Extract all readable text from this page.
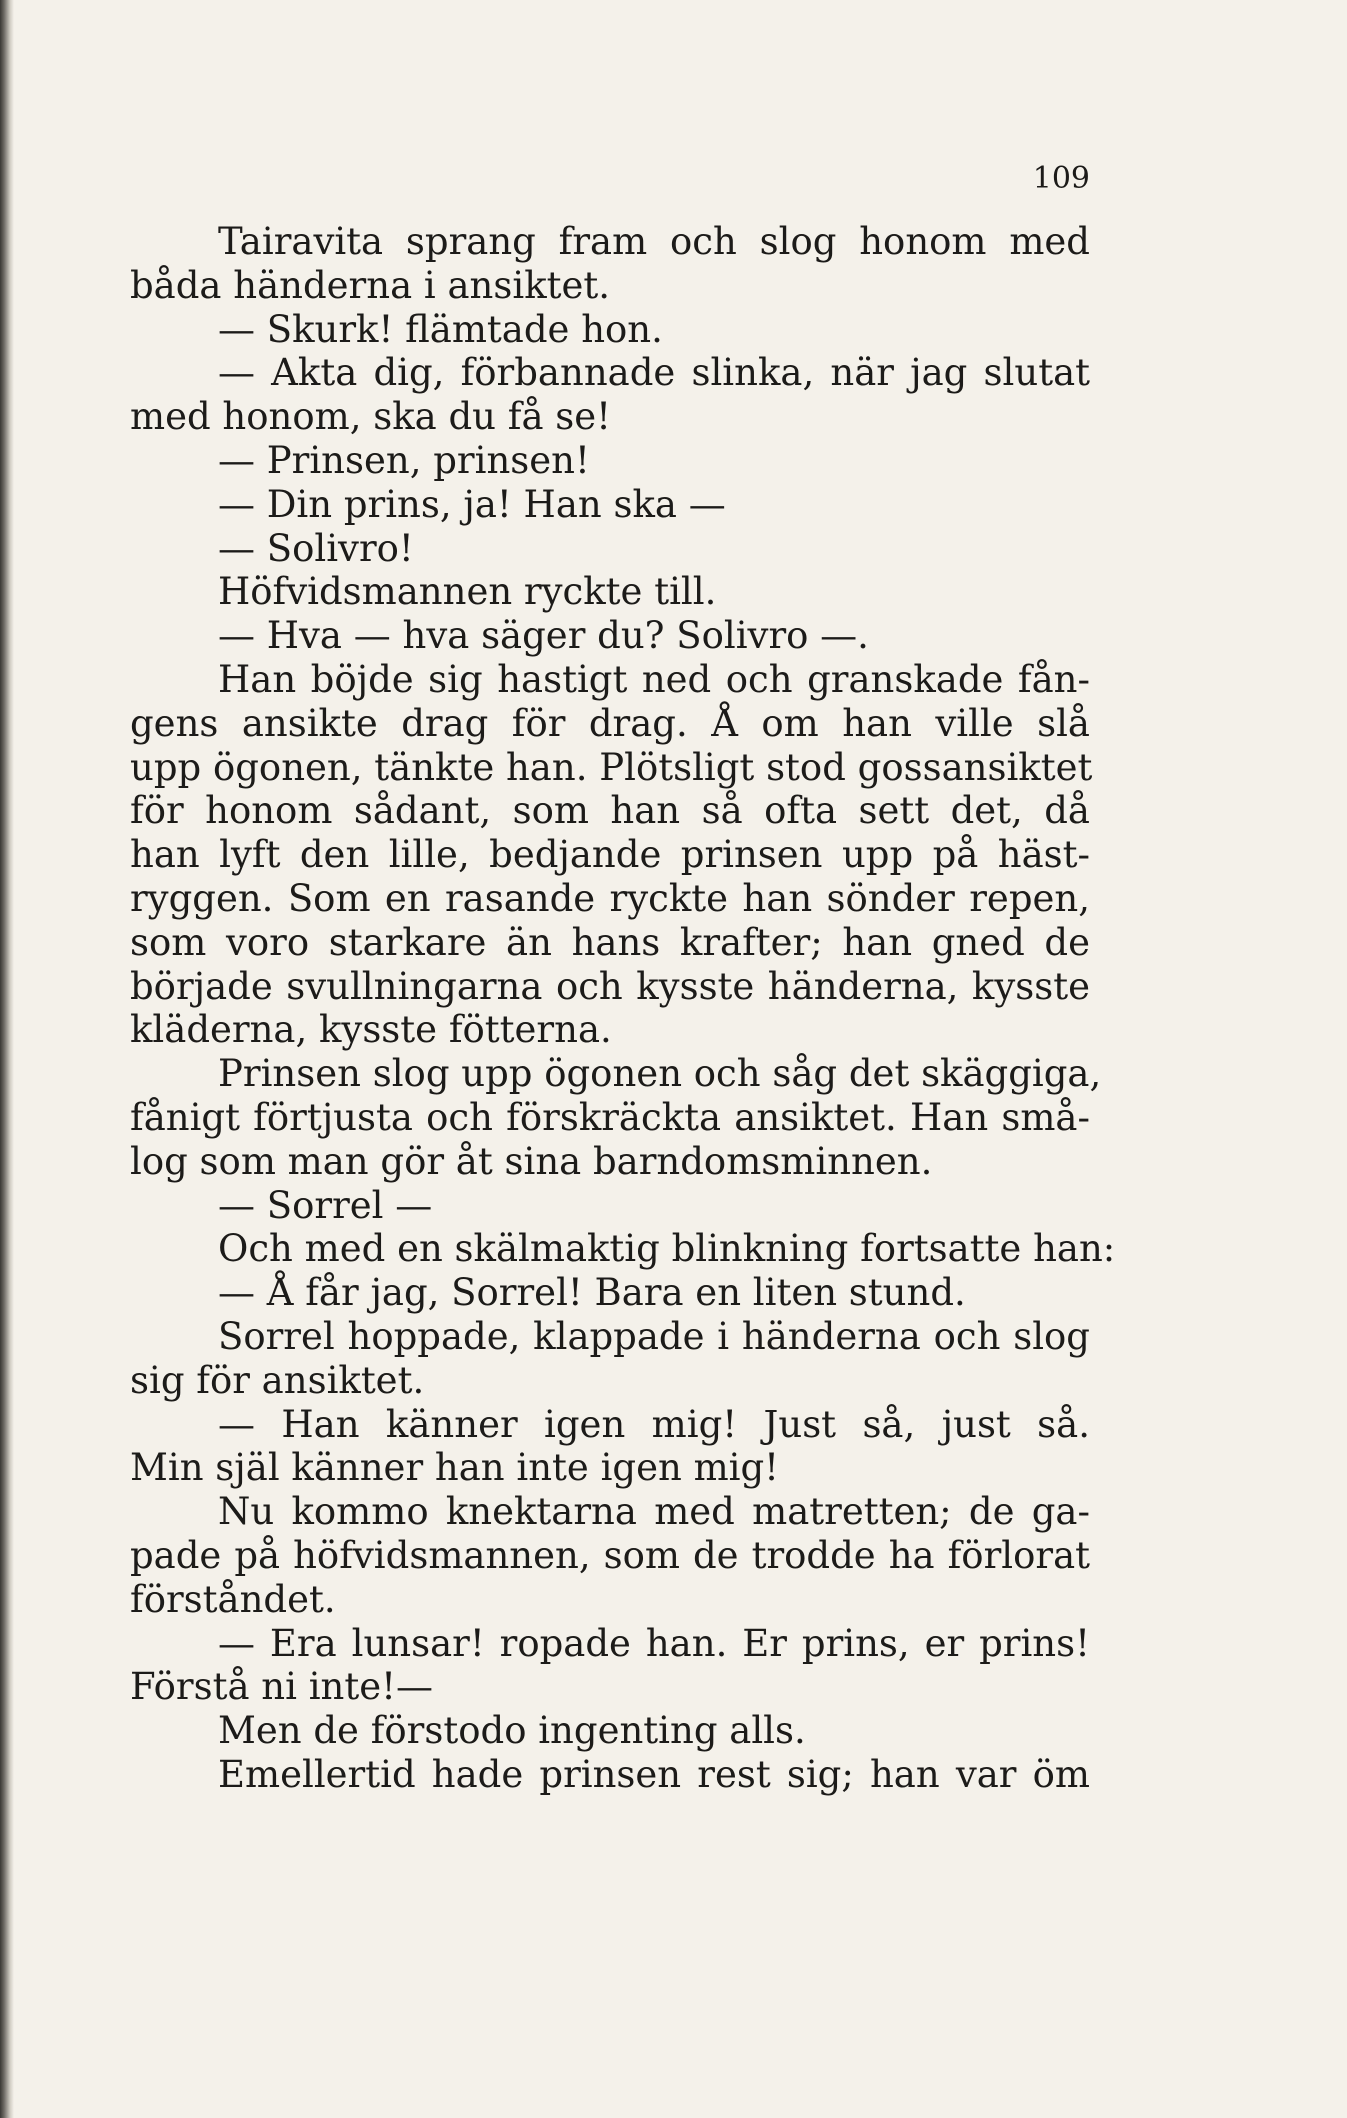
109
Tairavita sprang fram och slog honom med
båda händerna i ansiktet.
— Skurk! flämtade hon.
— Akta dig, förbannade slinka, när jag slutat
med honom, ska du få se!
— Prinsen, prinsen!
— Din prins, ja! Han ska —
— Solivro!
Höfvidsmannen ryckte till.
— Hva — hva säger du? Solivro —.
Han böjde sig hastigt ned och granskade fån-
gens ansikte drag för drag. Å om han ville slå
upp ögonen, tänkte han. Plötsligt stod gossansiktet
för honom sådant, som han så ofta sett det, då
han lyft den lille, bedjande prinsen upp på häst-
ryggen. Som en rasande ryckte han sönder repen,
som voro starkare än hans krafter; han gned de
började svullningarna och kysste händerna, kysste
kläderna, kysste fötterna.
Prinsen slog upp ögonen och såg det skäggiga,
fånigt förtjusta och förskräckta ansiktet. Han små-
log som man gör åt sina barndomsminnen.
— Sorrel —
Och med en skälmaktig blinkning fortsatte han:
— Å får jag, Sorrel! Bara en liten stund.
Sorrel hoppade, klappade i händerna och slog
sig för ansiktet.
— Han känner igen mig! Just så, just så.
Min själ känner han inte igen mig!
Nu kommo knektarna med matretten; de ga-
pade på höfvidsmannen, som de trodde ha förlorat
förståndet.
— Era lunsar! ropade han. Er prins, er prins!
Förstå ni inte!—
Men de förstodo ingenting alls.
Emellertid hade prinsen rest sig; han var öm
